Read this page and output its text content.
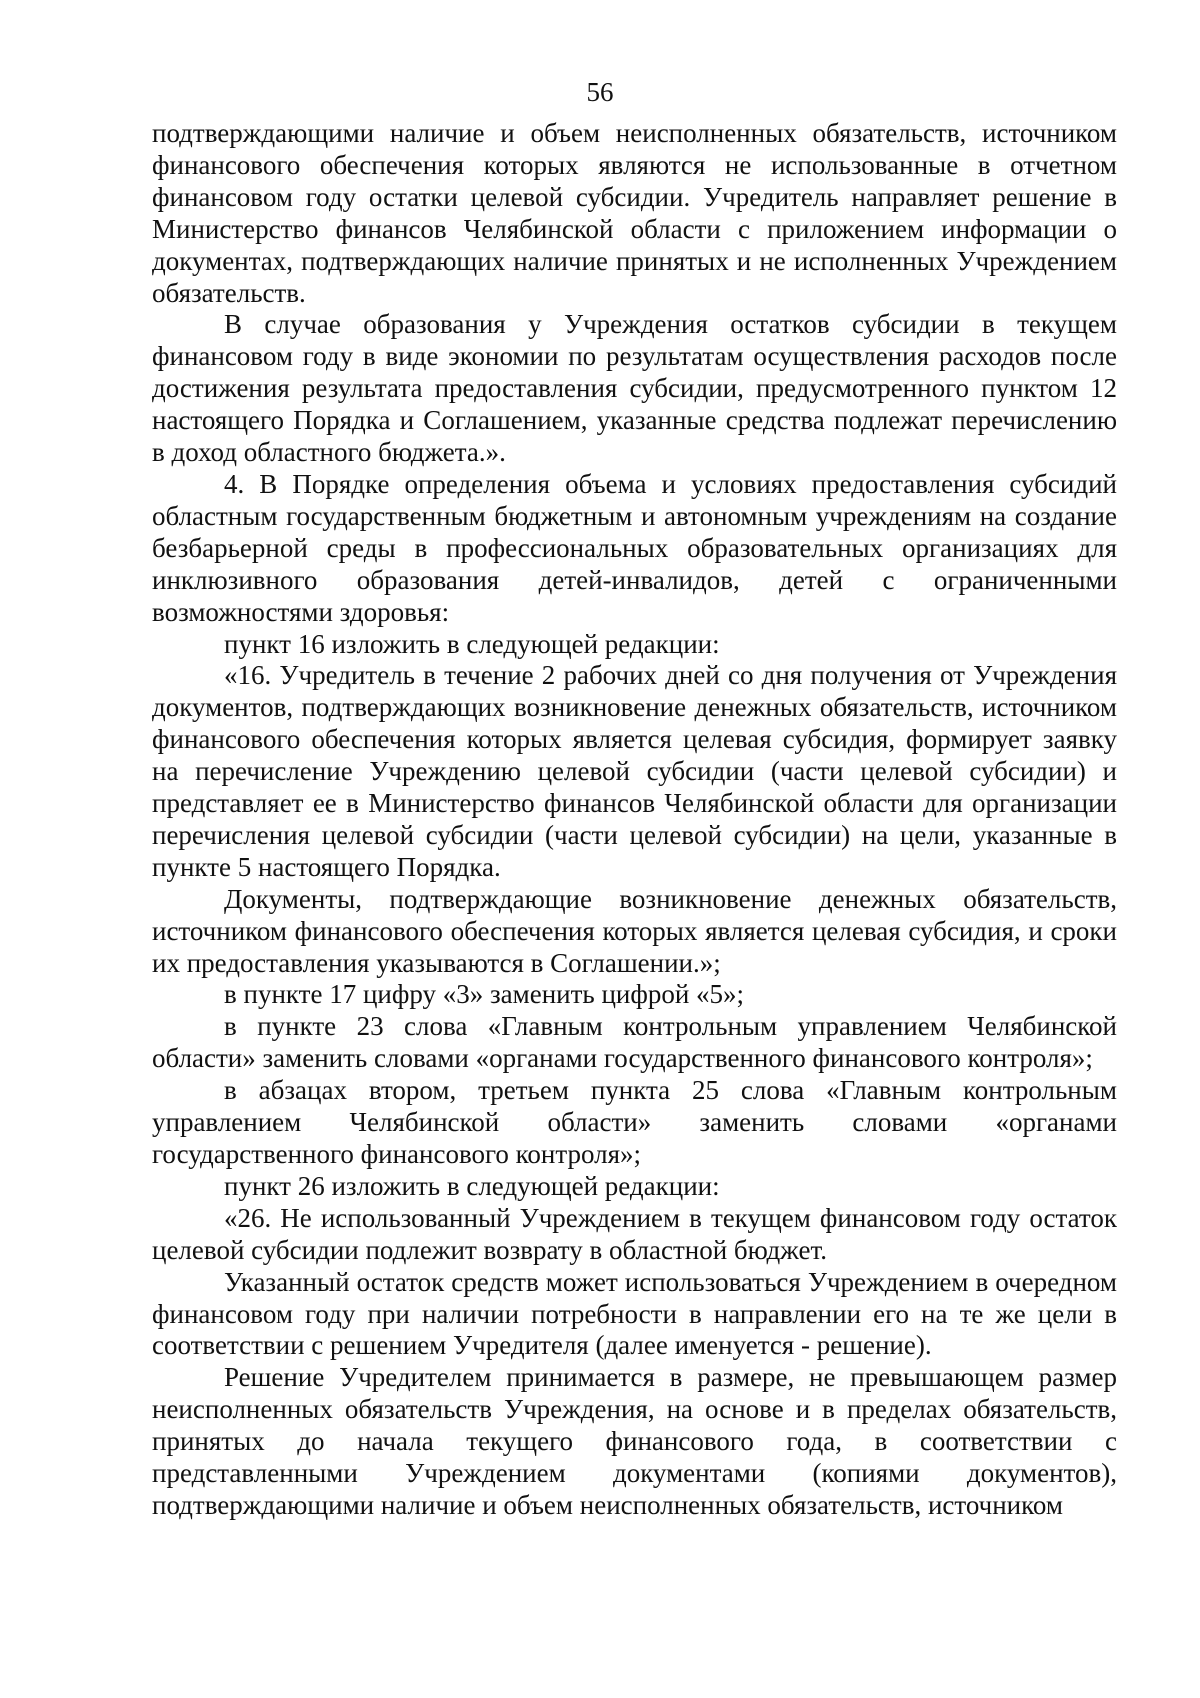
56

подтверждающими наличие и объем неисполненных обязательств, источником финансового обеспечения которых являются не использованные в отчетном финансовом году остатки целевой субсидии. Учредитель направляет решение в Министерство финансов Челябинской области с приложением информации о документах, подтверждающих наличие принятых и не исполненных Учреждением обязательств.

В случае образования у Учреждения остатков субсидии в текущем финансовом году в виде экономии по результатам осуществления расходов после достижения результата предоставления субсидии, предусмотренного пунктом 12 настоящего Порядка и Соглашением, указанные средства подлежат перечислению в доход областного бюджета.».

4. В Порядке определения объема и условиях предоставления субсидий областным государственным бюджетным и автономным учреждениям на создание безбарьерной среды в профессиональных образовательных организациях для инклюзивного образования детей-инвалидов, детей с ограниченными возможностями здоровья:

пункт 16 изложить в следующей редакции:

«16. Учредитель в течение 2 рабочих дней со дня получения от Учреждения документов, подтверждающих возникновение денежных обязательств, источником финансового обеспечения которых является целевая субсидия, формирует заявку на перечисление Учреждению целевой субсидии (части целевой субсидии) и представляет ее в Министерство финансов Челябинской области для организации перечисления целевой субсидии (части целевой субсидии) на цели, указанные в пункте 5 настоящего Порядка.

Документы, подтверждающие возникновение денежных обязательств, источником финансового обеспечения которых является целевая субсидия, и сроки их предоставления указываются в Соглашении.»;

в пункте 17 цифру «3» заменить цифрой «5»;

в пункте 23 слова «Главным контрольным управлением Челябинской области» заменить словами «органами государственного финансового контроля»;

в абзацах втором, третьем пункта 25 слова «Главным контрольным управлением Челябинской области» заменить словами «органами государственного финансового контроля»;

пункт 26 изложить в следующей редакции:

«26. Не использованный Учреждением в текущем финансовом году остаток целевой субсидии подлежит возврату в областной бюджет.

Указанный остаток средств может использоваться Учреждением в очередном финансовом году при наличии потребности в направлении его на те же цели в соответствии с решением Учредителя (далее именуется - решение).

Решение Учредителем принимается в размере, не превышающем размер неисполненных обязательств Учреждения, на основе и в пределах обязательств, принятых до начала текущего финансового года, в соответствии с представленными Учреждением документами (копиями документов), подтверждающими наличие и объем неисполненных обязательств, источником
